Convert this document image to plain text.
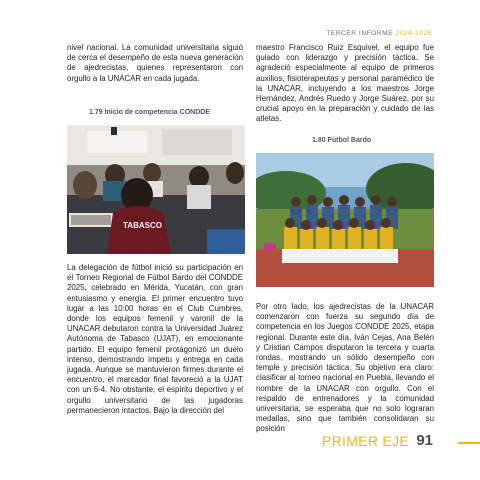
TERCER INFORME 2024-2025

nivel nacional. La comunidad universitaria siguió de cerca el desempeño de esta nueva generación de ajedrecistas, quienes representaron con orgullo a la UNACAR en cada jugada.

1.79 Inicio de competencia CONDDE
TABASCO

La delegación de fútbol inició su participación en el Torneo Regional de Fútbol Bardo del CONDDE 2025, celebrado en Mérida, Yucatán, con gran entusiasmo y energía. El primer encuentro tuvo lugar a las 10:00 horas en el Club Cumbres, donde los equipos femenil y varonil de la UNACAR debutaron contra la Universidad Juárez Autónoma de Tabasco (UJAT), en emocionante partido. El equipo femenil protagonizó un duelo intenso, demostrando ímpetu y entrega en cada jugada. Aunque se mantuvieron firmes durante el encuentro, el marcador final favoreció a la UJAT con un 6-4. No obstante, el espíritu deportivo y el orgullo universitario de las jugadoras permanecieron intactos. Bajo la dirección del

maestro Francisco Ruiz Esquivel, el equipo fue guiado con liderazgo y precisión táctica. Se agradeció especialmente al equipo de primeros auxilios, fisioterapeutas y personal paramédico de la UNACAR, incluyendo a los maestros Jorge Hernández, Andrés Ruedo y Jorge Suárez, por su crucial apoyo en la preparación y cuidado de las atletas.

1.80 Fútbol Bardo

Por otro lado, los ajedrecistas de la UNACAR comenzaron con fuerza su segundo día de competencia en los Juegos CONDDE 2025, etapa regional. Durante este día, Iván Cejas, Ana Belén y Cristian Campos disputaron la tercera y cuarta rondas, mostrando un sólido desempeño con temple y precisión táctica. Su objetivo era claro: clasificar al torneo nacional en Puebla, llevando el nombre de la UNACAR con orgullo. Con el respaldo de entrenadores y la comunidad universitaria, se esperaba que no solo lograran medallas, sino que también consolidaran su posición

PRIMER EJE 91
